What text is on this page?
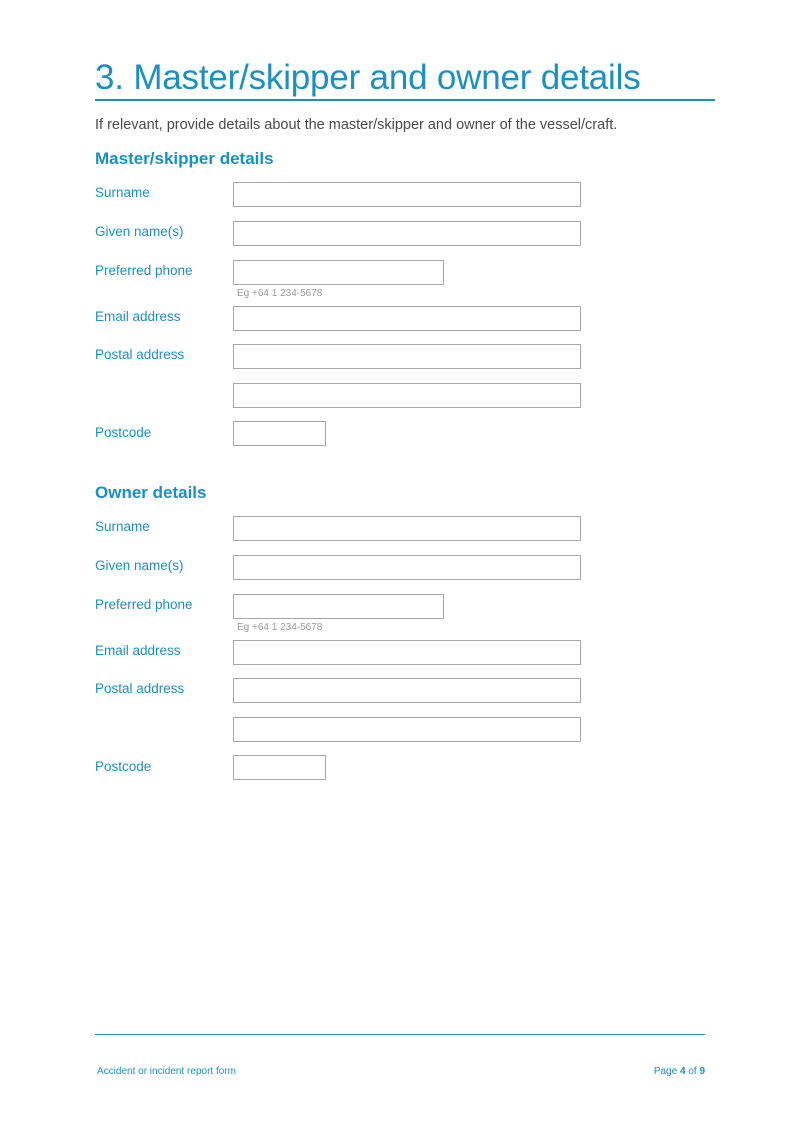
3. Master/skipper and owner details

If relevant, provide details about the master/skipper and owner of the vessel/craft.

Master/skipper details
Surname
Given name(s)
Preferred phone
Eg +64 1 234-5678
Email address
Postal address
Postcode
Owner details
Surname
Given name(s)
Preferred phone
Eg +64 1 234-5678
Email address
Postal address
Postcode
Accident or incident report form	Page 4 of 9
